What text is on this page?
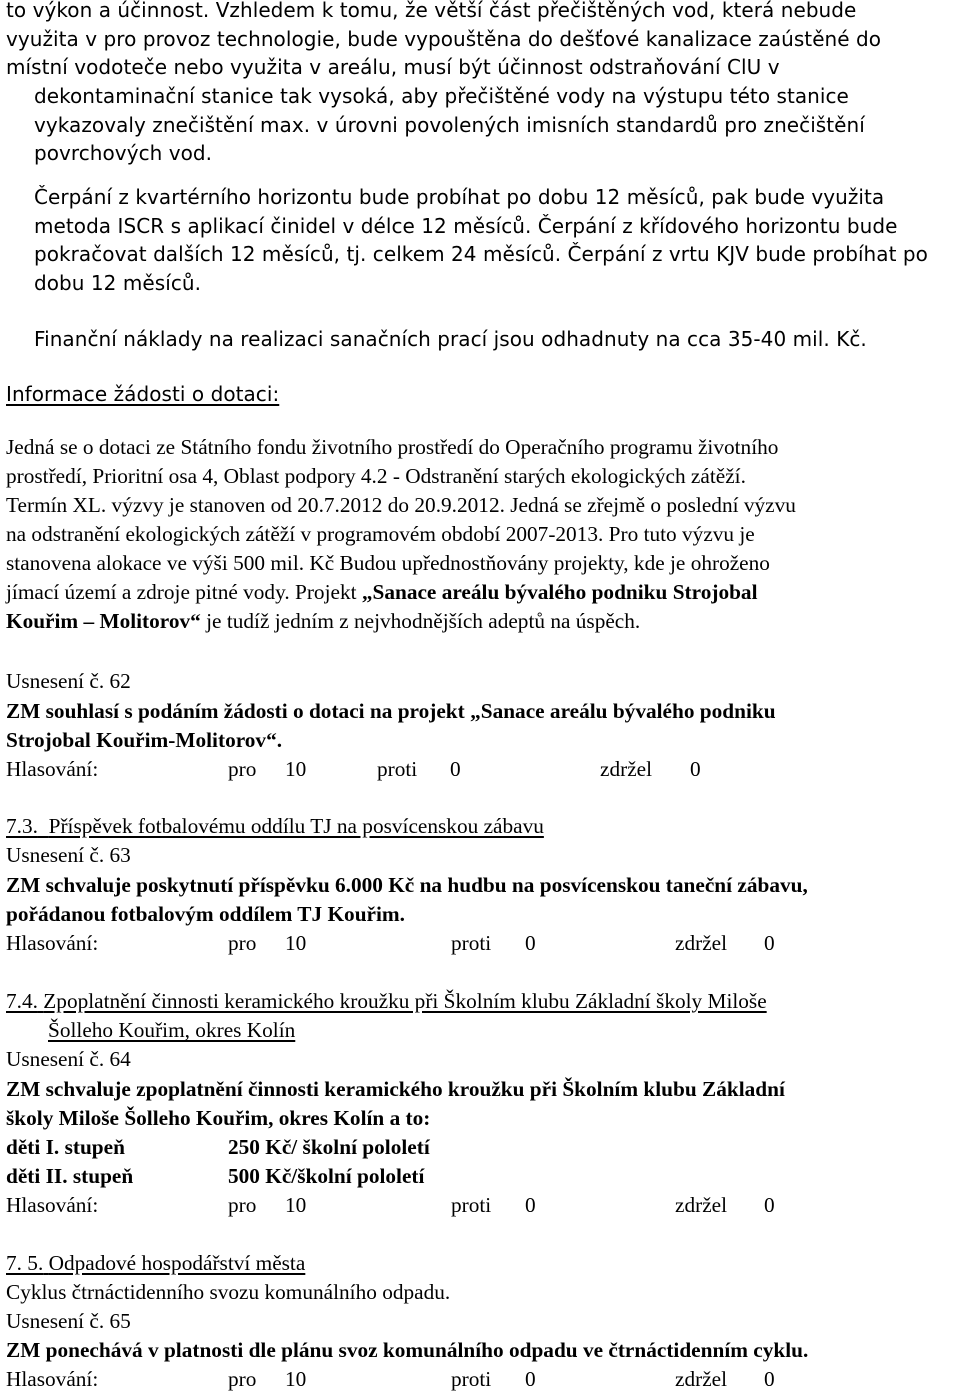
to výkon a účinnost. Vzhledem k tomu, že větší část přečištěných vod, která nebude

využita v pro provoz technologie, bude vypouštěna do dešťové kanalizace zaústěné do

místní vodoteče nebo využita v areálu, musí být účinnost odstraňování ClU v

dekontaminační stanice tak vysoká, aby přečištěné vody na výstupu této stanice

vykazovaly znečištění max. v úrovni povolených imisních standardů pro znečištění

povrchových vod.

Čerpání z kvartérního horizontu bude probíhat po dobu 12 měsíců, pak bude využita

metoda ISCR s aplikací činidel v délce 12 měsíců. Čerpání z křídového horizontu bude

pokračovat dalších 12 měsíců, tj. celkem 24 měsíců. Čerpání z vrtu KJV bude probíhat po

dobu 12 měsíců.

Finanční náklady na realizaci sanačních prací jsou odhadnuty na cca 35-40 mil. Kč.

Informace žádosti o dotaci:

Jedná se o dotaci ze Státního fondu životního prostředí do Operačního programu životního

prostředí, Prioritní osa 4, Oblast podpory 4.2 - Odstranění starých ekologických zátěží.

Termín XL. výzvy je stanoven od 20.7.2012 do 20.9.2012. Jedná se zřejmě o poslední výzvu

na odstranění ekologických zátěží v programovém období 2007-2013. Pro tuto výzvu je

stanovena alokace ve výši 500 mil. Kč Budou upřednostňovány projekty, kde je ohroženo

jímací území a zdroje pitné vody. Projekt „Sanace areálu bývalého podniku Strojobal

Kouřim – Molitorov“ je tudíž jedním z nejvhodnějších adeptů na úspěch.

Usnesení č. 62

ZM souhlasí s podáním žádosti o dotaci na projekt „Sanace areálu bývalého podniku

Strojobal Kouřim-Molitorov“.

Hlasování:	pro 10	proti 0	zdržel 0

7.3. Příspěvek fotbalovému oddílu TJ na posvícenskou zábavu

Usnesení č. 63

ZM schvaluje poskytnutí příspěvku 6.000 Kč na hudbu na posvícenskou taneční zábavu,

pořádanou fotbalovým oddílem TJ Kouřim.

Hlasování:	pro 10	proti 0	zdržel 0

7.4. Zpoplatnění činnosti keramického kroužku při Školním klubu Základní školy Miloše

Šolleho Kouřim, okres Kolín

Usnesení č. 64

ZM schvaluje zpoplatnění činnosti keramického kroužku při Školním klubu Základní

školy Miloše Šolleho Kouřim, okres Kolín a to:

děti I. stupeň	250 Kč/ školní pololetí
děti II. stupeň	500 Kč/školní pololetí
Hlasování:	pro 10	proti 0	zdržel 0

7. 5. Odpadové hospodářství města

Cyklus čtrnáctidenního svozu komunálního odpadu.

Usnesení č. 65

ZM ponechává v platnosti dle plánu svoz komunálního odpadu ve čtrnáctidenním cyklu.

Hlasování:	pro 10	proti 0	zdržel 0
